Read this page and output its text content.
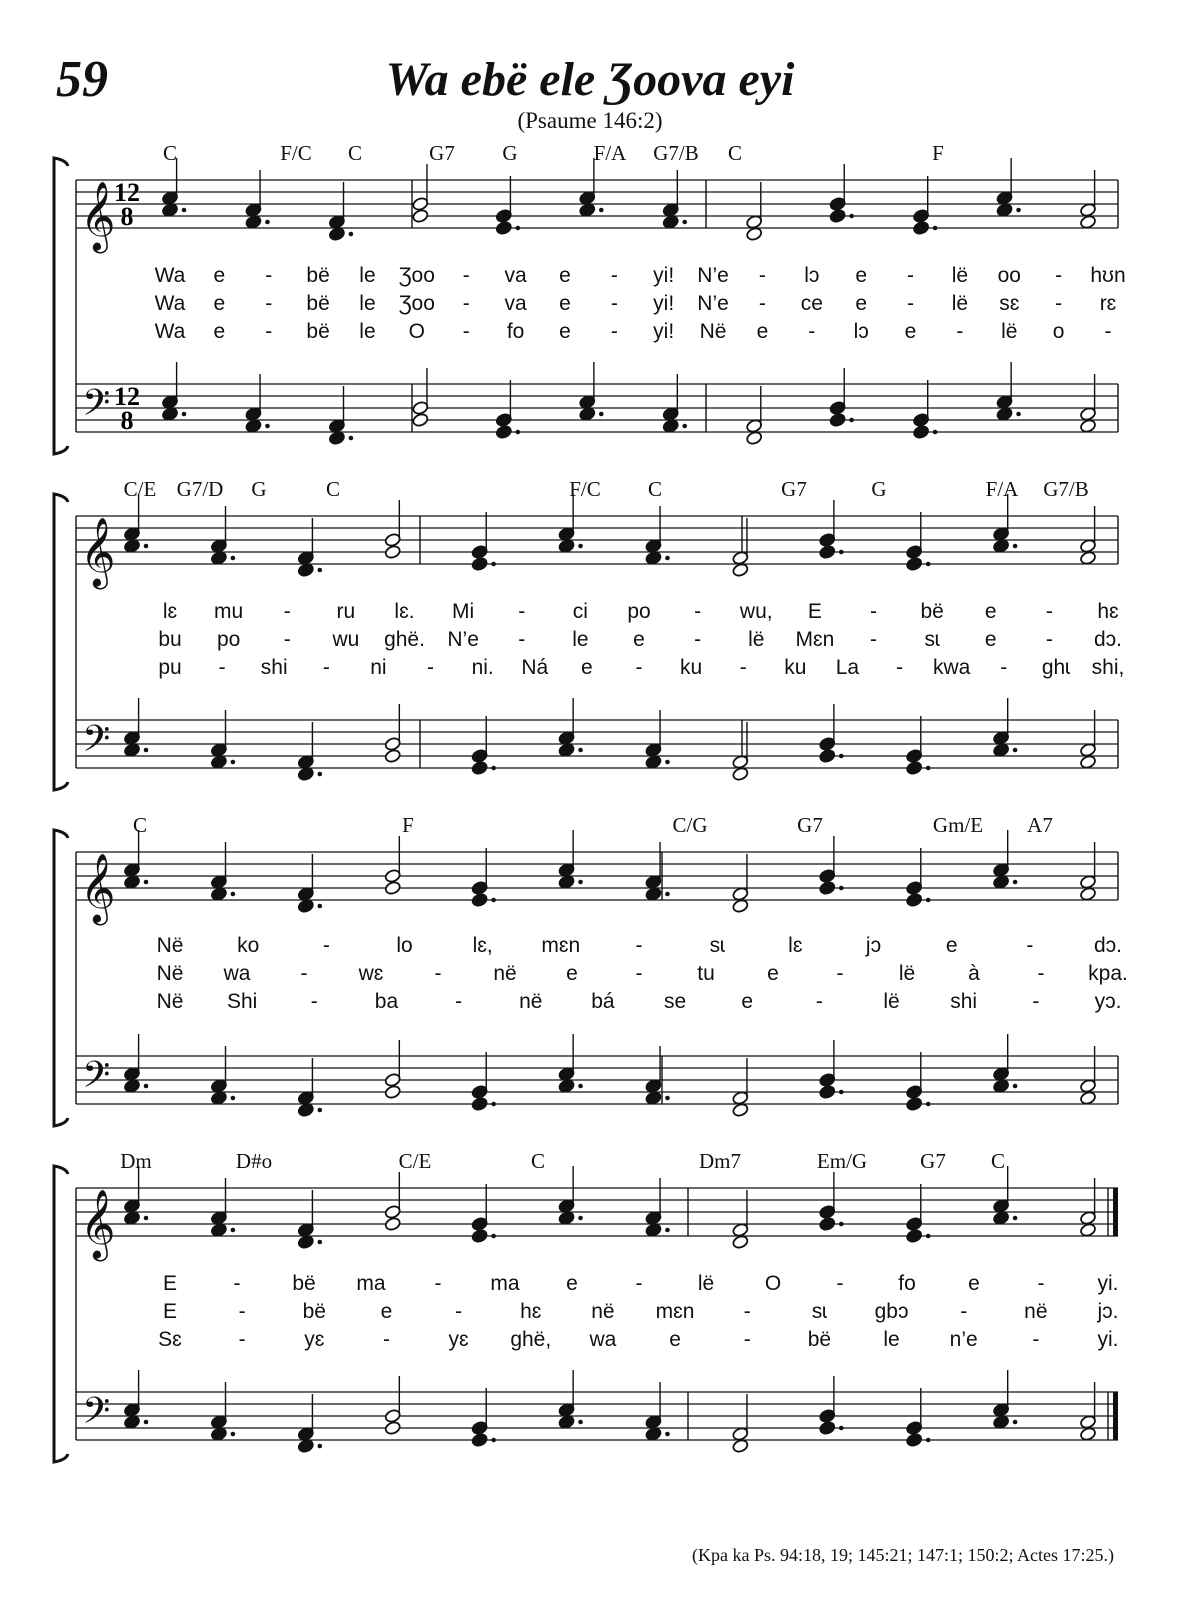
59	Wa ebë ele Ʒoova eyi
(Psaume 146:2)
(Kpa ka Ps. 94:18, 19; 145:21; 147:1; 150:2; Actes 17:25.)
𝄞
𝄢
12
8
12
8
C	F/C C	G7 G	F/A G7/B C	F
Wa e - bë le Ʒoo - va e - yi! N’e - lɔ e - lë oo - hʊn
Wa e - bë le Ʒoo - va e - yi! N’e - ce e - lë sɛ - rɛ
Wa e - bë le O - fo e - yi! Në e - lɔ e - lë o -
𝄞
𝄢
C/E G7/D G	C	F/C C	G7	G	F/A G7/B
lɛ mu - ru lɛ. Mi - ci po - wu, E - bë e - hɛ
bu po - wu ghë. N’e - le e - lë Mɛn - sɩ e - dɔ.
pu - shi - ni - ni. Ná e - ku - ku La - kwa - ghɩ shi,
𝄞
𝄢
C	F	C/G	G7	Gm/E A7
Në	ko	-	lo	lɛ, mɛn	-	sɩ	lɛ	jɔ	e	-	dɔ.
Në wa - wɛ - në e	-	tu e	-	lë	à	- kpa.
Në Shi	-	ba	-	në bá se	e	-	lë shi	-	yɔ.
𝄞
𝄢
Dm	D#o	C/E	C	Dm7	Em/G	G7 C
E	- bë ma - ma e	-	lë O	-	fo e	-	yi.
E	-	bë	e	-	hɛ në mɛn -	sɩ gbɔ -	në jɔ.
Sɛ	-	yɛ	-	yɛ ghë, wa	e	-	bë le n’e	-	yi.
